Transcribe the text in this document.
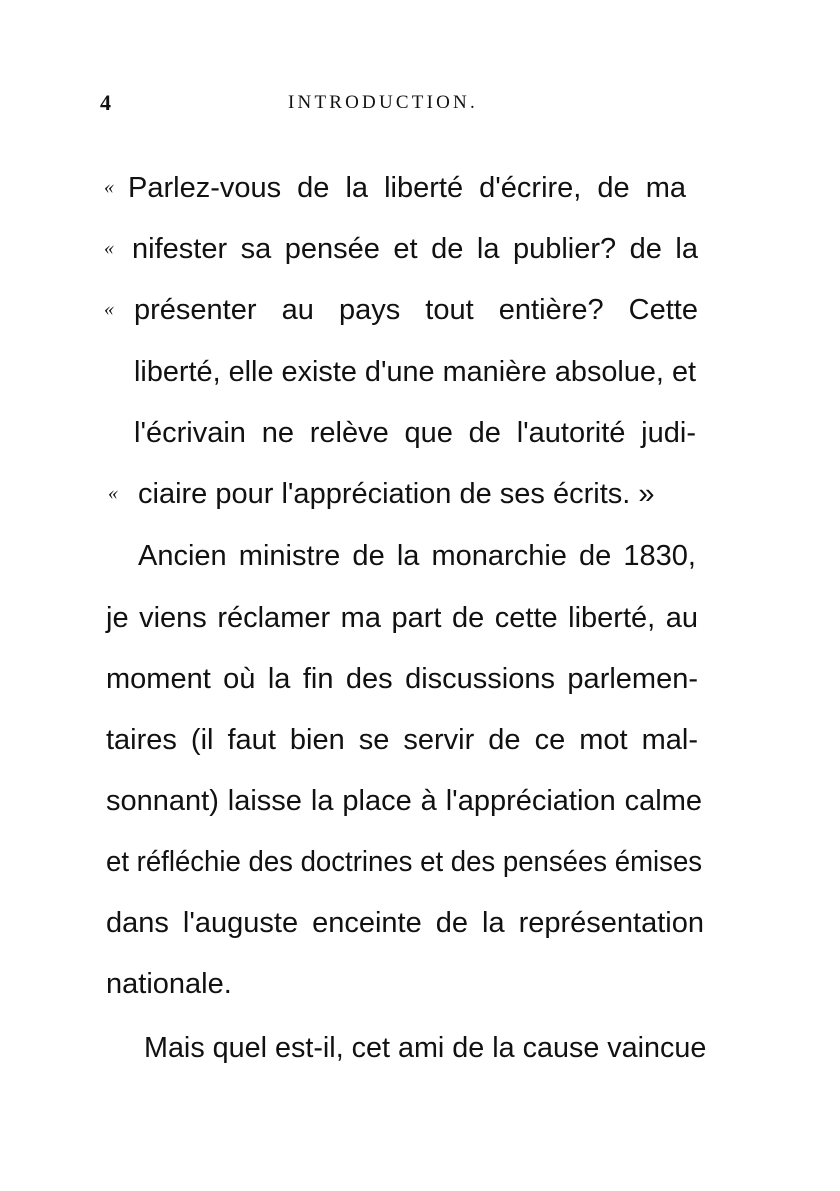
4	INTRODUCTION.
« Parlez-vous de la liberté d'écrire, de ma
« nifester sa pensée et de la publier? de la
« présenter au pays tout entière? Cette
liberté, elle existe d'une manière absolue, et
l'écrivain ne relève que de l'autorité judi-
« ciaire pour l'appréciation de ses écrits. »
Ancien ministre de la monarchie de 1830,
je viens réclamer ma part de cette liberté, au
moment où la fin des discussions parlemen-
taires (il faut bien se servir de ce mot mal-
sonnant) laisse la place à l'appréciation calme
et réfléchie des doctrines et des pensées émises
dans l'auguste enceinte de la représentation
nationale.
Mais quel est-il, cet ami de la cause vaincue
